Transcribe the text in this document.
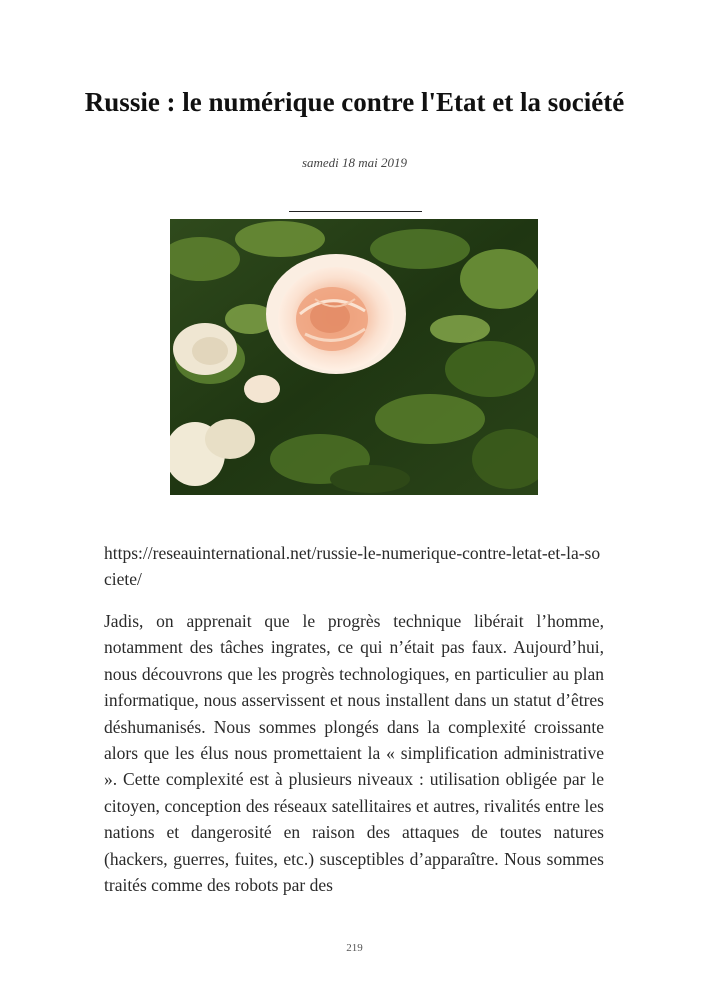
Russie : le numérique contre l'Etat et la société
samedi 18 mai 2019
https://reseauinternational.net/russie-le-numerique-contre-letat-et-la-societe/

Jadis, on apprenait que le progrès technique libérait l’homme, notamment des tâches ingrates, ce qui n’était pas faux. Aujourd’hui, nous découvrons que les progrès technologiques, en particulier au plan informatique, nous asservissent et nous installent dans un statut d’êtres déshumanisés. Nous sommes plongés dans la complexité croissante alors que les élus nous promettaient la « simplification administrative ». Cette complexité est à plusieurs niveaux : utilisation obligée par le citoyen, conception des réseaux satellitaires et autres, rivalités entre les nations et dangerosité en raison des attaques de toutes natures (hackers, guerres, fuites, etc.) susceptibles d’apparaître. Nous sommes traités comme des robots par des

219
